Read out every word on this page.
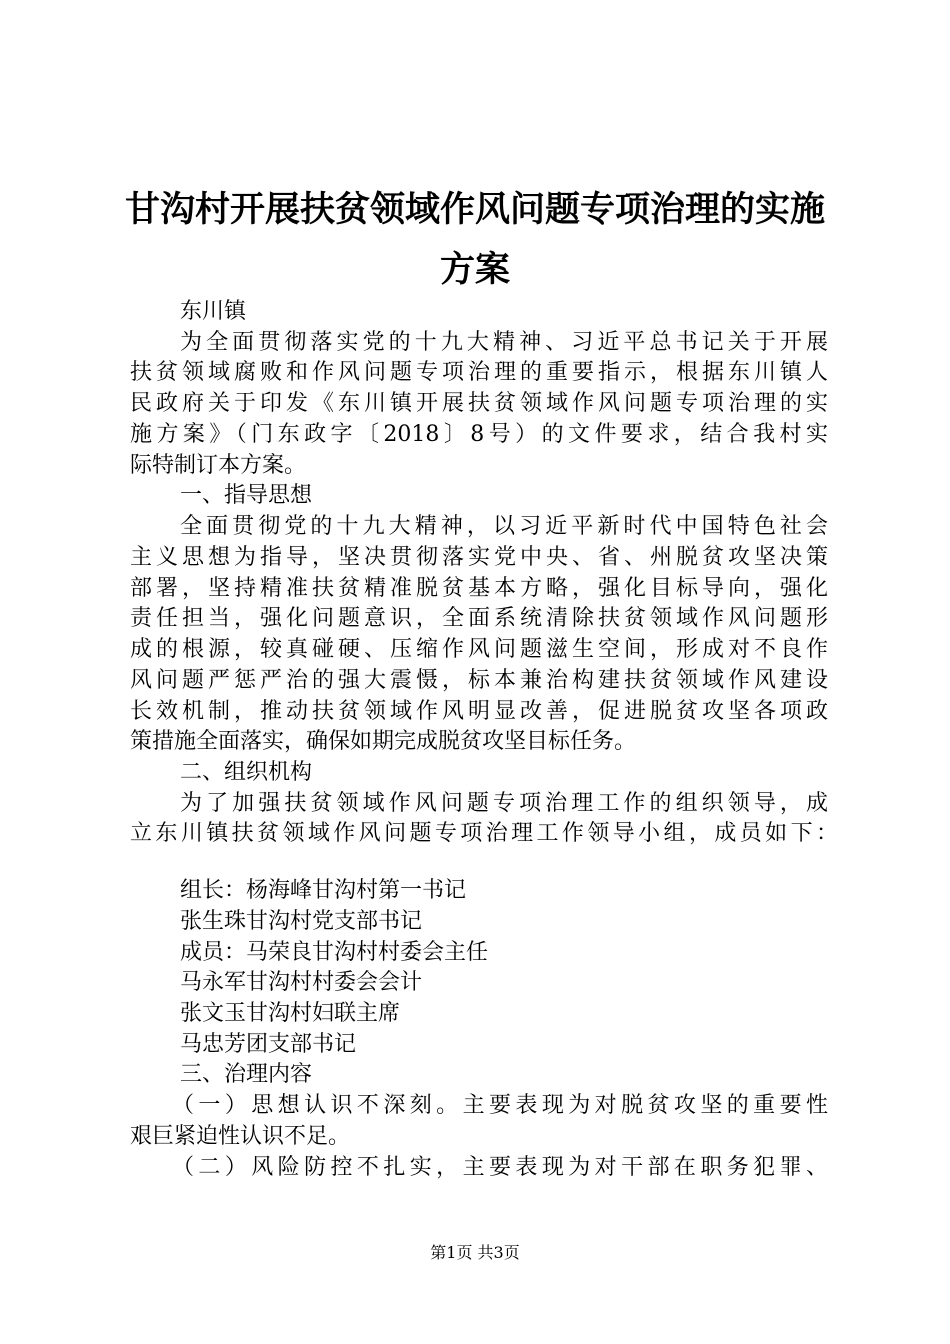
甘沟村开展扶贫领域作风问题专项治理的实施
方案

东川镇

为全面贯彻落实党的十九大精神、习近平总书记关于开展

扶贫领域腐败和作风问题专项治理的重要指示，根据东川镇人

民政府关于印发《东川镇开展扶贫领域作风问题专项治理的实

施方案》（门东政字〔2018〕8号）的文件要求，结合我村实

际特制订本方案。

一、指导思想

全面贯彻党的十九大精神，以习近平新时代中国特色社会

主义思想为指导，坚决贯彻落实党中央、省、州脱贫攻坚决策

部署，坚持精准扶贫精准脱贫基本方略，强化目标导向，强化

责任担当，强化问题意识，全面系统清除扶贫领域作风问题形

成的根源，较真碰硬、压缩作风问题滋生空间，形成对不良作

风问题严惩严治的强大震慑，标本兼治构建扶贫领域作风建设

长效机制，推动扶贫领域作风明显改善，促进脱贫攻坚各项政

策措施全面落实，确保如期完成脱贫攻坚目标任务。

二、组织机构

为了加强扶贫领域作风问题专项治理工作的组织领导，成

立东川镇扶贫领域作风问题专项治理工作领导小组，成员如下：

组长：杨海峰甘沟村第一书记

张生珠甘沟村党支部书记

成员：马荣良甘沟村村委会主任

马永军甘沟村村委会会计

张文玉甘沟村妇联主席

马忠芳团支部书记

三、治理内容

（一）思想认识不深刻。主要表现为对脱贫攻坚的重要性

艰巨紧迫性认识不足。

（二）风险防控不扎实，主要表现为对干部在职务犯罪、

第1页 共3页
